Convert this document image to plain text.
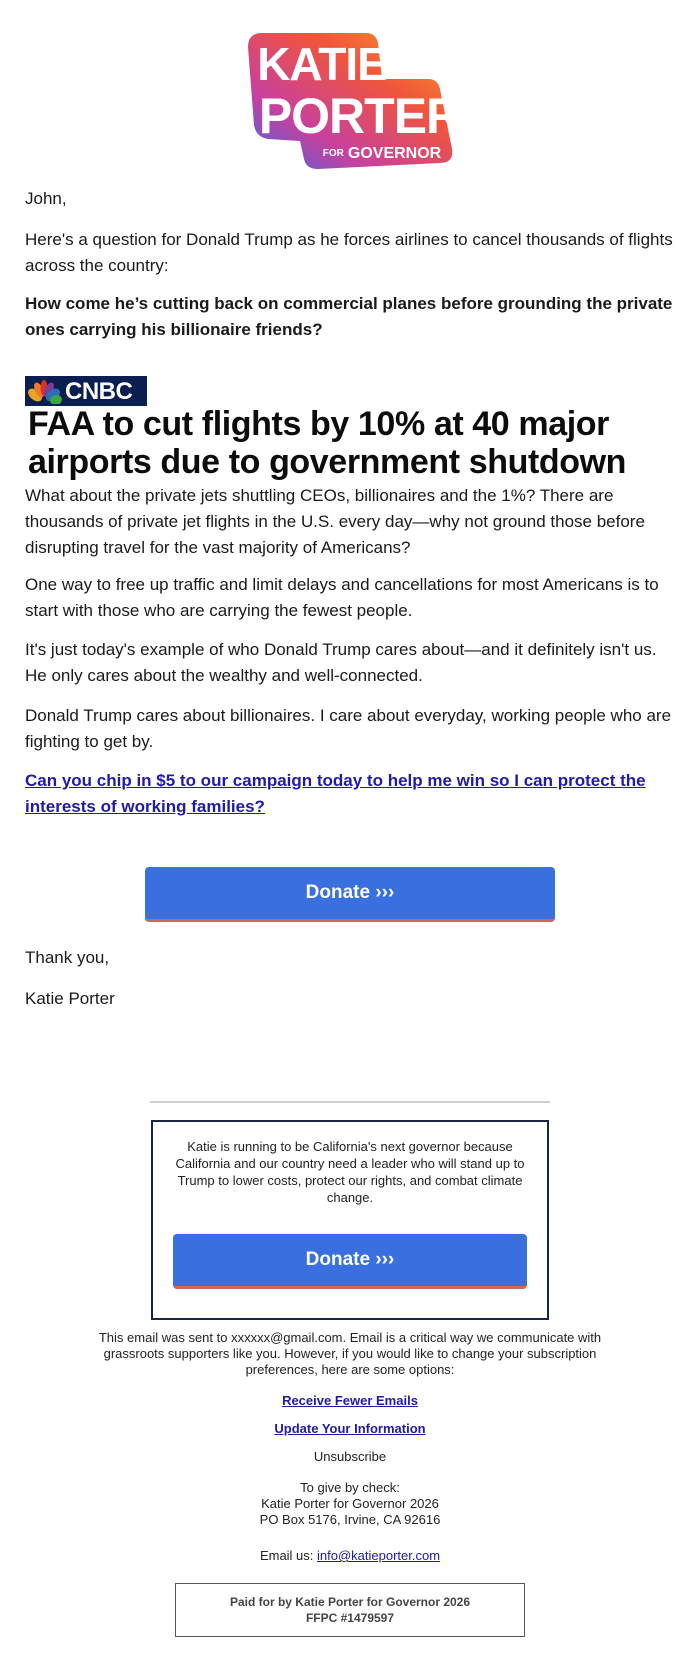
KATIE
PORTER
FOR GOVERNOR
John,
Here's a question for Donald Trump as he forces airlines to cancel thousands of flights across the country:
How come he’s cutting back on commercial planes before grounding the private ones carrying his billionaire friends?
CNBC
FAA to cut flights by 10% at 40 major airports due to government shutdown
What about the private jets shuttling CEOs, billionaires and the 1%? There are thousands of private jet flights in the U.S. every day—why not ground those before disrupting travel for the vast majority of Americans?
One way to free up traffic and limit delays and cancellations for most Americans is to start with those who are carrying the fewest people.
It's just today's example of who Donald Trump cares about—and it definitely isn't us. He only cares about the wealthy and well-connected.
Donald Trump cares about billionaires. I care about everyday, working people who are fighting to get by.
Can you chip in $5 to our campaign today to help me win so I can protect the interests of working families?
Donate ›››
Thank you,
Katie Porter
Katie is running to be California's next governor because California and our country need a leader who will stand up to Trump to lower costs, protect our rights, and combat climate change.
Donate ›››
This email was sent to xxxxxx@gmail.com. Email is a critical way we communicate with grassroots supporters like you. However, if you would like to change your subscription preferences, here are some options:
Receive Fewer Emails
Update Your Information
Unsubscribe
To give by check:
Katie Porter for Governor 2026
PO Box 5176, Irvine, CA 92616
Email us: info@katieporter.com
Paid for by Katie Porter for Governor 2026
FFPC #1479597
